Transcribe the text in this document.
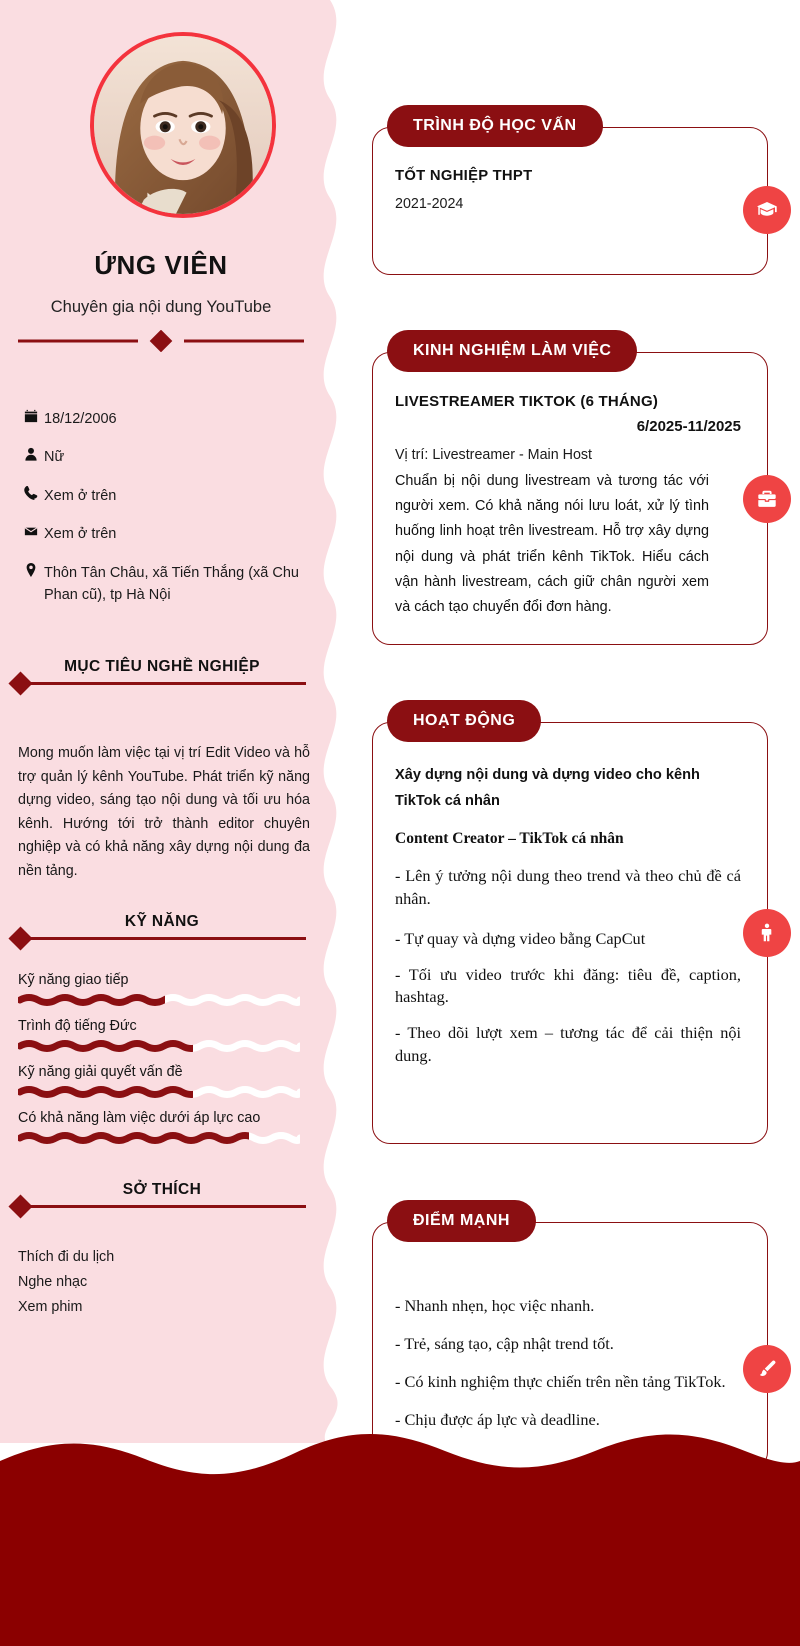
ỨNG VIÊN
Chuyên gia nội dung YouTube
18/12/2006
Nữ
Xem ở trên
Xem ở trên
Thôn Tân Châu, xã Tiến Thắng (xã Chu Phan cũ), tp Hà Nội
MỤC TIÊU NGHỀ NGHIỆP
Mong muốn làm việc tại vị trí Edit Video và hỗ trợ quản lý kênh YouTube. Phát triển kỹ năng dựng video, sáng tạo nội dung và tối ưu hóa kênh. Hướng tới trở thành editor chuyên nghiệp và có khả năng xây dựng nội dung đa nền tảng.
KỸ NĂNG
Kỹ năng giao tiếp
Trình độ tiếng Đức
Kỹ năng giải quyết vấn đề
Có khả năng làm việc dưới áp lực cao
SỞ THÍCH
Thích đi du lịch
Nghe nhạc
Xem phim
TRÌNH ĐỘ HỌC VẤN
TỐT NGHIỆP THPT
2021-2024
KINH NGHIỆM LÀM VIỆC
LIVESTREAMER TIKTOK (6 THÁNG)
6/2025-11/2025
Vị trí: Livestreamer - Main Host
Chuẩn bị nội dung livestream và tương tác với người xem. Có khả năng nói lưu loát, xử lý tình huống linh hoạt trên livestream. Hỗ trợ xây dựng nội dung và phát triển kênh TikTok. Hiểu cách vận hành livestream, cách giữ chân người xem và cách tạo chuyển đổi đơn hàng.
HOẠT ĐỘNG
Xây dựng nội dung và dựng video cho kênh TikTok cá nhân
Content Creator – TikTok cá nhân
- Lên ý tưởng nội dung theo trend và theo chủ đề cá nhân.
- Tự quay và dựng video bằng CapCut
- Tối ưu video trước khi đăng: tiêu đề, caption, hashtag.
- Theo dõi lượt xem – tương tác để cải thiện nội dung.
ĐIỂM MẠNH
- Nhanh nhẹn, học việc nhanh.
- Trẻ, sáng tạo, cập nhật trend tốt.
- Có kinh nghiệm thực chiến trên nền tảng TikTok.
- Chịu được áp lực và deadline.
